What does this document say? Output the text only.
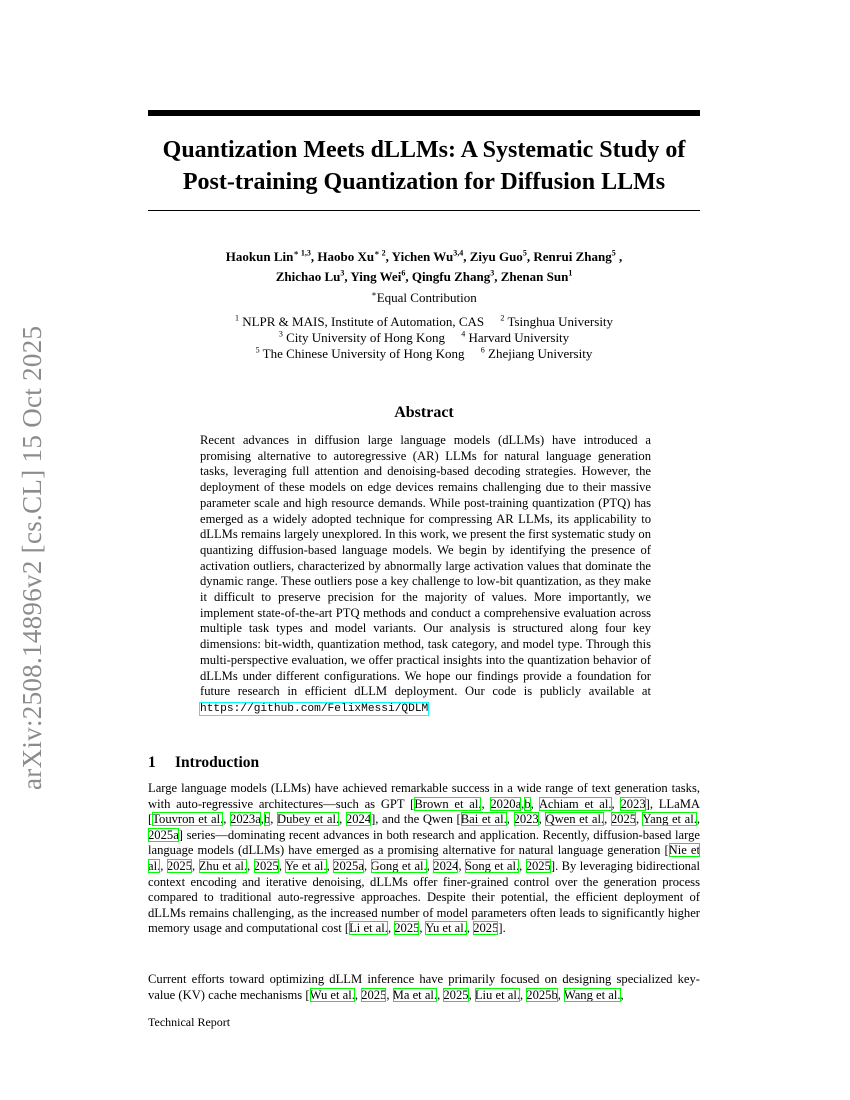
arXiv:2508.14896v2 [cs.CL] 15 Oct 2025
Quantization Meets dLLMs: A Systematic Study of
Post-training Quantization for Diffusion LLMs
Haokun Lin$^{∗ 1,3}$, Haobo $Xu^{∗ 2}$, Yichen Wu$^{3,4}$, Ziyu Guo$^5$, Renrui Zhang$^5$ ,
Zhichao Lu$^3$, Ying Wei$^6$, Qingfu Zhang$^3$, Zhenan Sun$^1$
∗Equal Contribution
$^1$ NLPR & MAIS, Institute of Automation, CAS $^2$ Tsinghua University
$^3$ City University of Hong Kong $^4$ Harvard University
$^5$ The Chinese University of Hong Kong $^6$ Zhejiang University
Abstract
Recent advances in diffusion large language models (dLLMs) have introduced a promising alternative to autoregressive (AR) LLMs for natural language generation tasks, leveraging full attention and denoising-based decoding strategies. However, the deployment of these models on edge devices remains challenging due to their massive parameter scale and high resource demands. While post-training quantization (PTQ) has emerged as a widely adopted technique for compressing AR LLMs, its applicability to dLLMs remains largely unexplored. In this work, we present the first systematic study on quantizing diffusion-based language models. We begin by identifying the presence of activation outliers, characterized by abnormally large activation values that dominate the dynamic range. These outliers pose a key challenge to low-bit quantization, as they make it difficult to preserve precision for the majority of values. More importantly, we implement state-of-the-art PTQ methods and conduct a comprehensive evaluation across multiple task types and model variants. Our analysis is structured along four key dimensions: bit-width, quantization method, task category, and model type. Through this multi-perspective evaluation, we offer practical insights into the quantization behavior of dLLMs under different configurations. We hope our findings provide a foundation for future research in efficient dLLM deployment. Our code is publicly available at https://github.com/FelixMessi/QDLM
1 Introduction
Large language models (LLMs) have achieved remarkable success in a wide range of text generation tasks, with auto-regressive architectures—such as GPT [Brown et al., 2020a,b, Achiam et al., 2023], LLaMA [Touvron et al., 2023a,b, Dubey et al., 2024], and the Qwen [Bai et al., 2023, Qwen et al., 2025, Yang et al., 2025a] series—dominating recent advances in both research and application. Recently, diffusion-based large language models (dLLMs) have emerged as a promising alternative for natural language generation [Nie et al., 2025, Zhu et al., 2025, Ye et al., 2025a, Gong et al., 2024, Song et al., 2025]. By leveraging bidirectional context encoding and iterative denoising, dLLMs offer finer-grained control over the generation process compared to traditional auto-regressive approaches. Despite their potential, the efficient deployment of dLLMs remains challenging, as the increased number of model parameters often leads to significantly higher memory usage and computational cost [Li et al., 2025, Yu et al., 2025].
Current efforts toward optimizing dLLM inference have primarily focused on designing specialized key-value (KV) cache mechanisms [Wu et al., 2025, Ma et al., 2025, Liu et al., 2025b, Wang et al.,
Technical Report
